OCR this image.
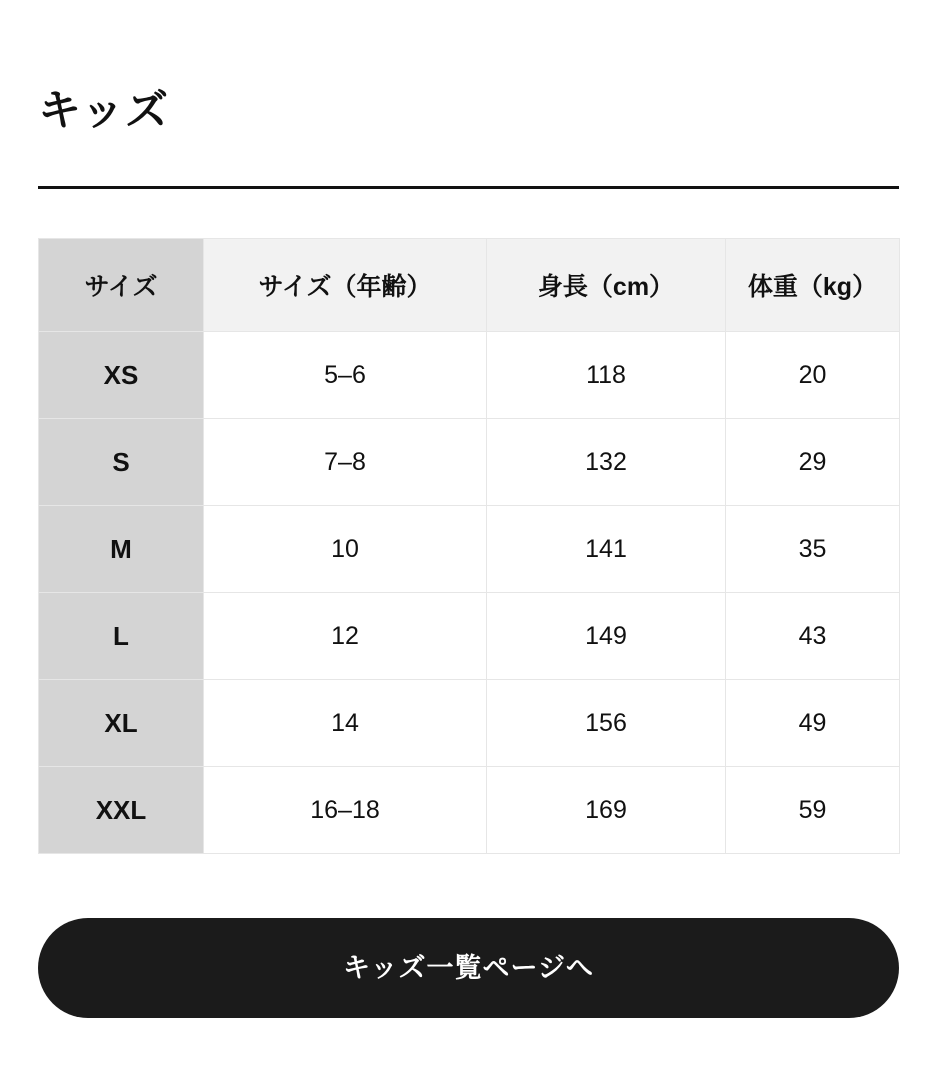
キッズ
サイズ	サイズ（年齢）	身長（cm）	体重（kg）
XS	5–6	118	20
S	7–8	132	29
M	10	141	35
L	12	149	43
XL	14	156	49
XXL	16–18	169	59
キッズ一覧ページへ
